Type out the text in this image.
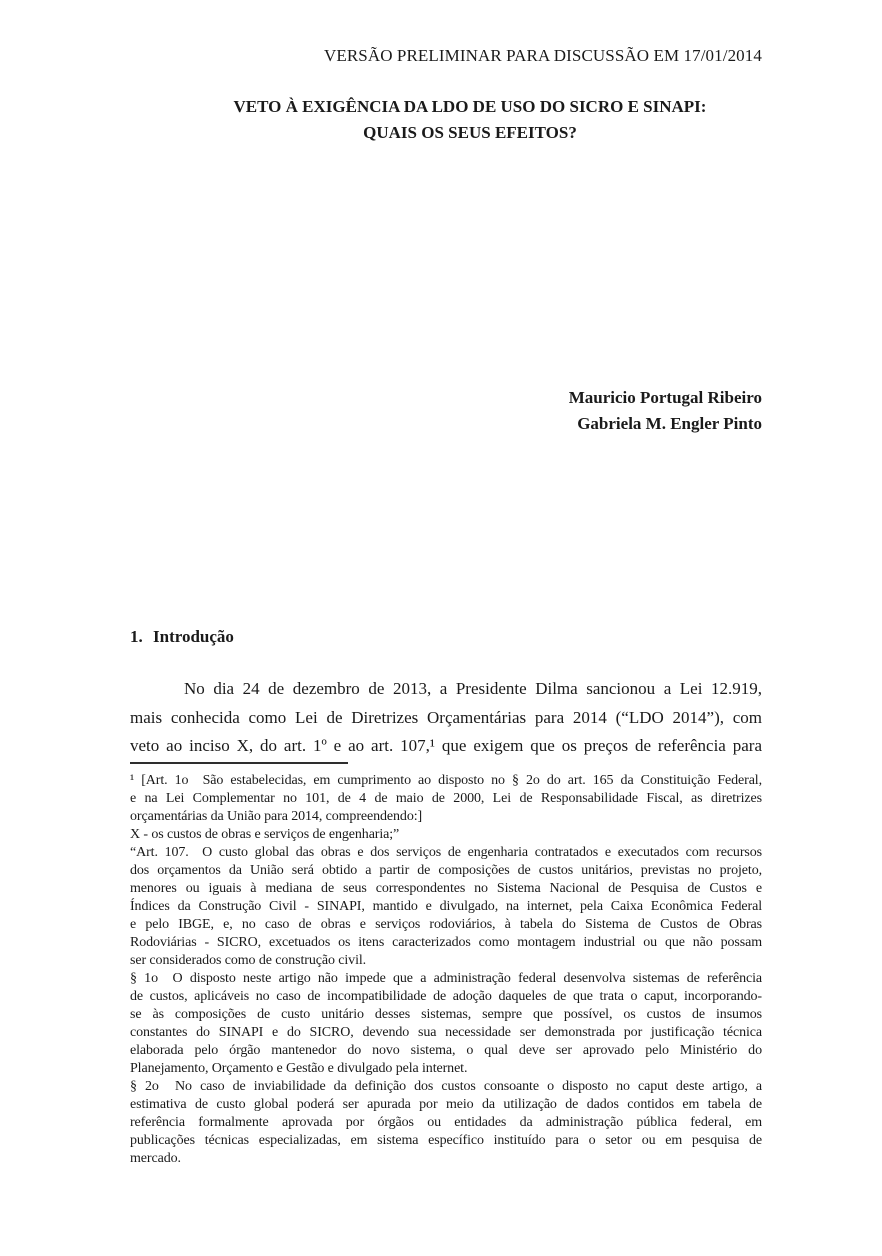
VERSÃO PRELIMINAR PARA DISCUSSÃO EM 17/01/2014
VETO À EXIGÊNCIA DA LDO DE USO DO SICRO E SINAPI:
QUAIS OS SEUS EFEITOS?
Mauricio Portugal Ribeiro
Gabriela M. Engler Pinto
1. Introdução
No dia 24 de dezembro de 2013, a Presidente Dilma sancionou a Lei 12.919,
mais conhecida como Lei de Diretrizes Orçamentárias para 2014 (“LDO 2014”), com
veto ao inciso X, do art. 1º e ao art. 107,¹ que exigem que os preços de referência para
¹ [Art. 1o  São estabelecidas, em cumprimento ao disposto no § 2o do art. 165 da Constituição Federal,
e na Lei Complementar no 101, de 4 de maio de 2000, Lei de Responsabilidade Fiscal, as diretrizes
orçamentárias da União para 2014, compreendendo:]
X - os custos de obras e serviços de engenharia;”
“Art. 107.  O custo global das obras e dos serviços de engenharia contratados e executados com recursos
dos orçamentos da União será obtido a partir de composições de custos unitários, previstas no projeto,
menores ou iguais à mediana de seus correspondentes no Sistema Nacional de Pesquisa de Custos e
Índices da Construção Civil - SINAPI, mantido e divulgado, na internet, pela Caixa Econômica Federal
e pelo IBGE, e, no caso de obras e serviços rodoviários, à tabela do Sistema de Custos de Obras
Rodoviárias - SICRO, excetuados os itens caracterizados como montagem industrial ou que não possam
ser considerados como de construção civil.
§ 1o  O disposto neste artigo não impede que a administração federal desenvolva sistemas de referência
de custos, aplicáveis no caso de incompatibilidade de adoção daqueles de que trata o caput, incorporando-
se às composições de custo unitário desses sistemas, sempre que possível, os custos de insumos
constantes do SINAPI e do SICRO, devendo sua necessidade ser demonstrada por justificação técnica
elaborada pelo órgão mantenedor do novo sistema, o qual deve ser aprovado pelo Ministério do
Planejamento, Orçamento e Gestão e divulgado pela internet.
§ 2o  No caso de inviabilidade da definição dos custos consoante o disposto no caput deste artigo, a
estimativa de custo global poderá ser apurada por meio da utilização de dados contidos em tabela de
referência formalmente aprovada por órgãos ou entidades da administração pública federal, em
publicações técnicas especializadas, em sistema específico instituído para o setor ou em pesquisa de
mercado.
